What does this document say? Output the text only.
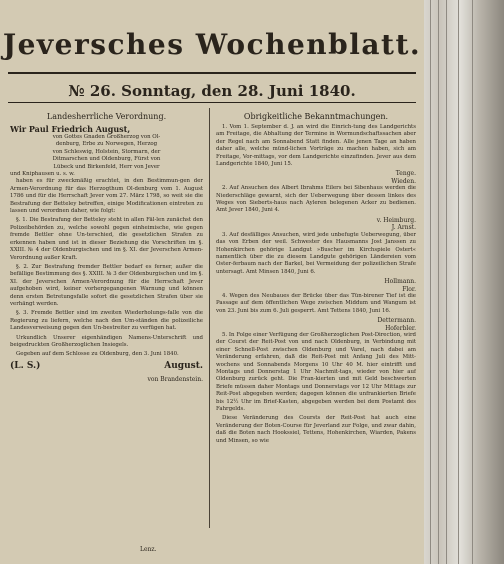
Jeversches Wochenblatt.
№ 26. Sonntag, den 28. Juni 1840.
Landesherrliche Verordnung.
Wir Paul Friedrich August,
von Gottes Gnaden Großherzog von Ol-
denburg, Erbe zu Norwegen, Herzog
von Schleswig, Holstein, Stormarn, der
Ditmarschen und Oldenburg, Fürst von
Lübeck und Birkenfeld, Herr von Jever
und Kniphausen u. s. w.

haben es für zweckmäßig erachtet, in den Bestimmun-gen der Armen-Verordnung für das Herzogthum Ol-denburg vom 1. August 1786 und für die Herrschaft Jever vom 27. März 1798, so weit sie die Bestrafung der Betteley betreffen, einige Modificationen eintreten zu lassen und verordnen daher, wie folgt:

§. 1. Die Bestrafung der Betteley steht in allen Fäl-len zunächst den Polizeibehörden zu, welche sowohl gegen einheimische, wie gegen fremde Bettler ohne Un-terschied, die gesetzlichen Strafen zu erkennen haben und ist in dieser Beziehung die Vorschriften im §. XXIII. № 4 der Oldenburgischen und im §. XI. der Jeverschen Armen-Verordnung außer Kraft.

§. 2. Zur Bestrafung fremder Bettler bedarf es ferner, außer die befällige Bestimmung des §. XXIII. № 3 der Oldenburgischen und im §. XI. der Jeverschen Armen-Verordnung für die Herrschaft Jever aufgehoben wird, keiner vorhergegangenen Warnung und können denn ersten Betretungsfalle sofort die gesetzlichen Strafen über sie verhängt werden.

§. 3. Fremde Bettler sind im zweiten Wiederholungs-falle von die Regierung zu liefern, welche nach den Um-ständen die polizeiliche Landesverweisung gegen den Un-bestreiter zu verfügen hat.

Urkundlich Unserer eigenhändigen Namens-Unterschrift und beigedruckten Großherzoglichen Insiegels.

Gegeben auf dem Schlosse zu Oldenburg, den 3. Juni 1840.

(L. S.)	August.
von Brandenstein.
Obrigkeitliche Bekanntmachungen.

1. Vom 1. September d. J. an wird die Einrich-tung des Landgerichts am Freitage, die Abhaltung der Termine in Wormundschaftssachen aber der Regel nach am Sonnabend Statt finden. Alle jenen Tage an haben daher alle, welche münd-lichen Vorträge zu machen haben, sich am Freitage, Vor-mittags, vor dem Landgerichte einzufinden. Jever aus dem Landgerichte 1840, Juni 15.

Tenge.
Wieden.

2. Auf Ansuchen des Albert Ibrahms Eilers bei Sibenhaus werden die Niederschläge gewarnt, sich der Ueberwegung über dessen linkes des Weges von Sieberts-haus nach Ayleren belegenen Acker zu bedienen. Amt Jever 1840, Juni 4.

v. Heimburg.
J. Arnst.

3. Auf desfälliges Ansuchen, wird jede unbefugte Ueberwegung, über das von Erben der weil. Schwester des Hausmanns Jost Janssen zu Hohenkirchen gehörige Landgut »Buscher im Kirchspiele Ostert« namentlich über die zu diesem Landgute gehörigen Ländereien vom Oster-ferbaum nach der Barkel, bei Vermeidung der polizeilichen Strafe untersagt. Amt Minsen 1840, Juni 6.

Hollmann.
Flor.

4. Wegen des Neubaues der Brücke über das Tün-birener Tief ist die Passage auf dem öffentlichen Wege zwischen Middum und Wangum ist von 23. Juni bis zum 6. Juli gesperrt. Amt Tettens 1840, Juni 16.

Dettermann.
Hoferbler.

5. In Folge einer Verfügung der Großherzoglichen Post-Direction, wird der Courst der Reit-Post von und nach Oldenburg, in Verbindung mit einer Schnell-Post zwischen Oldenburg und Varel, nach dabei am Veränderung erfahren, daß die Reit-Post mit Anfang Juli des Mitt-wochens und Sonnabends Morgens 10 Uhr 40 M. hier eintrifft und Montags und Donnerstag 1 Uhr Nachmit-tags, wieder von hier auf Oldenburg zurück geht. Die Fran-kierten und mit Geld beschwerten Briefe müssen daher Montags und Donnerstags vor 12 Uhr Mittags zur Reit-Post abgegeben werden; dagegen können die unfrankierten Briefe bis 12½ Uhr im Brief-Kasten, abgegeben werden bei dem Postamt des Fahrgelds.

Diese Veränderung des Coursts der Reit-Post hat auch eine Veränderung der Boten-Course für Jeverland zur Folge, und zwar dahin, daß die Boten nach Hookssiel, Tettens, Hohenkirchen, Wiarden, Pakens und Minsen, so wie

Lenz.
